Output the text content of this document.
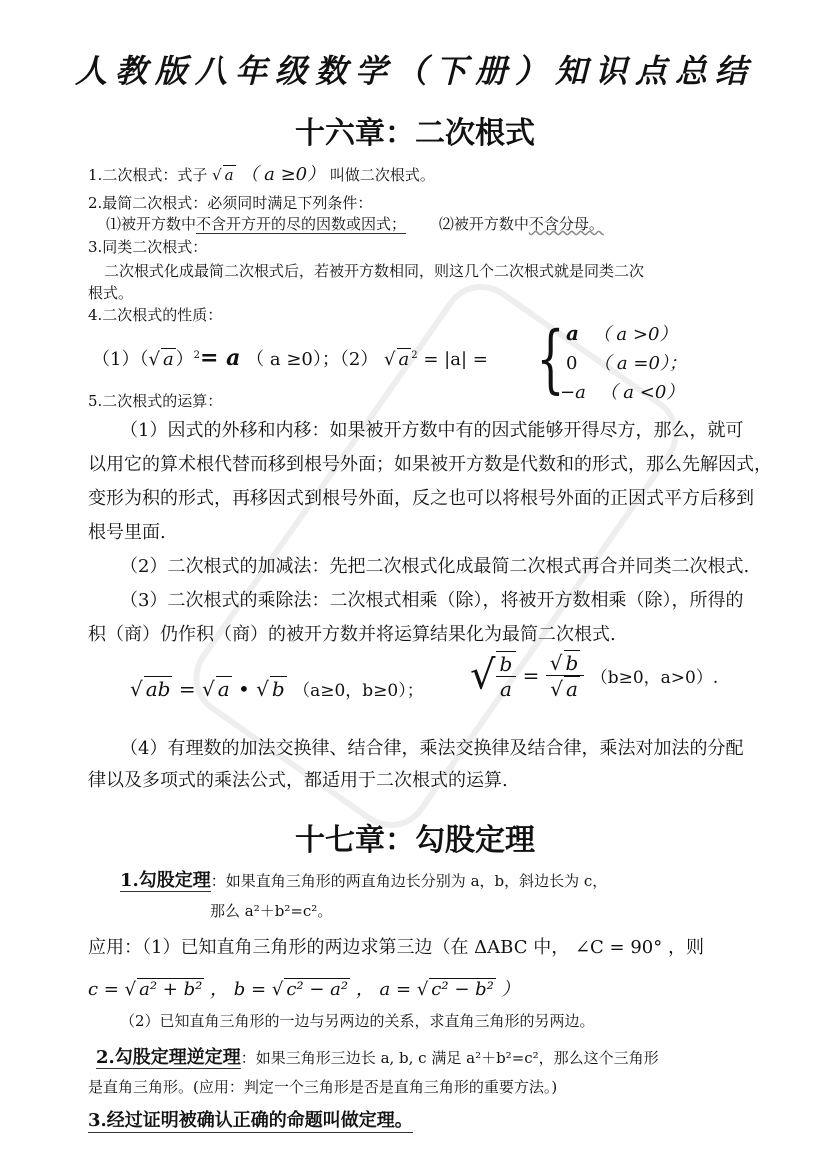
人教版八年级数学（下册）知识点总结
十六章：二次根式
1.二次根式：式子 √ a （ a ≥0） 叫做二次根式。
2.最简二次根式：必须同时满足下列条件：
⑴被开方数中不含开方开的尽的因数或因式； ⑵被开方数中不含分母。
3.同类二次根式：
二次根式化成最简二次根式后，若被开方数相同，则这几个二次根式就是同类二次
根式。
4.二次根式的性质：
（1）（√ a ）$^2$= a （ a ≥0）；（2） √ a $^2$ = |a| = { a （ a >0）
0 （ a =0）；
−a （ a <0）
5.二次根式的运算：
（1）因式的外移和内移：如果被开方数中有的因式能够开得尽方，那么，就可
以用它的算术根代替而移到根号外面；如果被开方数是代数和的形式，那么先解因式，
变形为积的形式，再移因式到根号外面，反之也可以将根号外面的正因式平方后移到
根号里面.
（2）二次根式的加减法：先把二次根式化成最简二次根式再合并同类二次根式.
（3）二次根式的乘除法：二次根式相乘（除），将被开方数相乘（除），所得的
积（商）仍作积（商）的被开方数并将运算结果化为最简二次根式.
√ ab = √ a • √ b （a≥0，b≥0）； √ $\frac{b}{a} = \frac{√ b}{√ a} (b\ge 0$，a>0）.
（4）有理数的加法交换律、结合律，乘法交换律及结合律，乘法对加法的分配
律以及多项式的乘法公式，都适用于二次根式的运算.
十七章：勾股定理
1.勾股定理：如果直角三角形的两直角边长分别为 a，b，斜边长为 c，
那么 a²＋b²=c²。
应用：（1）已知直角三角形的两边求第三边（在 ΔABC 中， ∠C = 90° ，则
c = √ a² + b² ， b = √ c² − a² ， a = √ c² − b² ）
（2）已知直角三角形的一边与另两边的关系，求直角三角形的另两边。
2.勾股定理逆定理：如果三角形三边长 a, b, c 满足 a²＋b²=c²，那么这个三角形
是直角三角形。(应用：判定一个三角形是否是直角三角形的重要方法。)
3.经过证明被确认正确的命题叫做定理。
